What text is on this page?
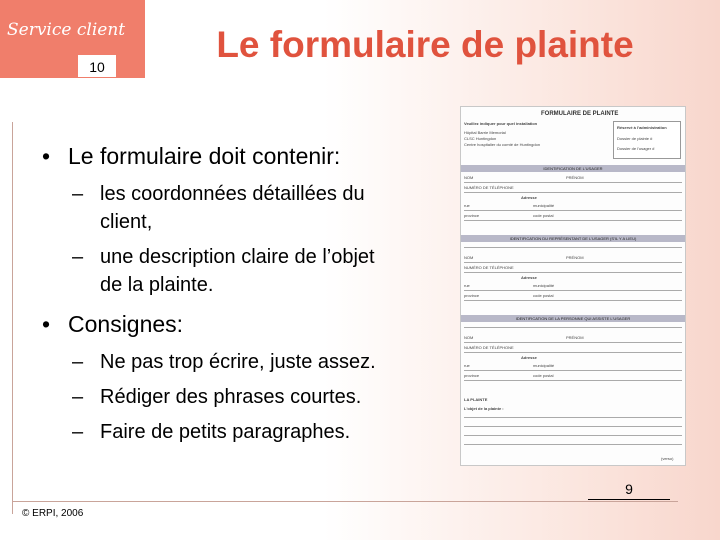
Service client
10
Le formulaire de plainte
• Le formulaire doit contenir:
– les coordonnées détaillées du
client,
– une description claire de l’objet
de la plainte.
• Consignes:
– Ne pas trop écrire, juste assez.
– Rédiger des phrases courtes.
– Faire de petits paragraphes.
FORMULAIRE DE PLAINTE
Veuillez indiquer pour quel installation
Hôpital Barrie Memorial
CLSC Huntingdon
Centre hospitalier du comté de Huntingdon
Réservé à l'administration
Dossier de plainte #
Dossier de l'usager #
IDENTIFICATION DE L'USAGER
NOM	PRÉNOM
NUMÉRO DE TÉLÉPHONE
Adresse
rue	municipalité
province	code postal
IDENTIFICATION DU REPRÉSENTANT DE L'USAGER (S'IL Y A LIEU)
NOM	PRÉNOM
NUMÉRO DE TÉLÉPHONE
Adresse
rue	municipalité
province	code postal
IDENTIFICATION DE LA PERSONNE QUI ASSISTE L'USAGER
NOM	PRÉNOM
NUMÉRO DE TÉLÉPHONE
Adresse
rue	municipalité
province	code postal
LA PLAINTE
L'objet de la plainte :
(verso)
9
© ERPI, 2006
